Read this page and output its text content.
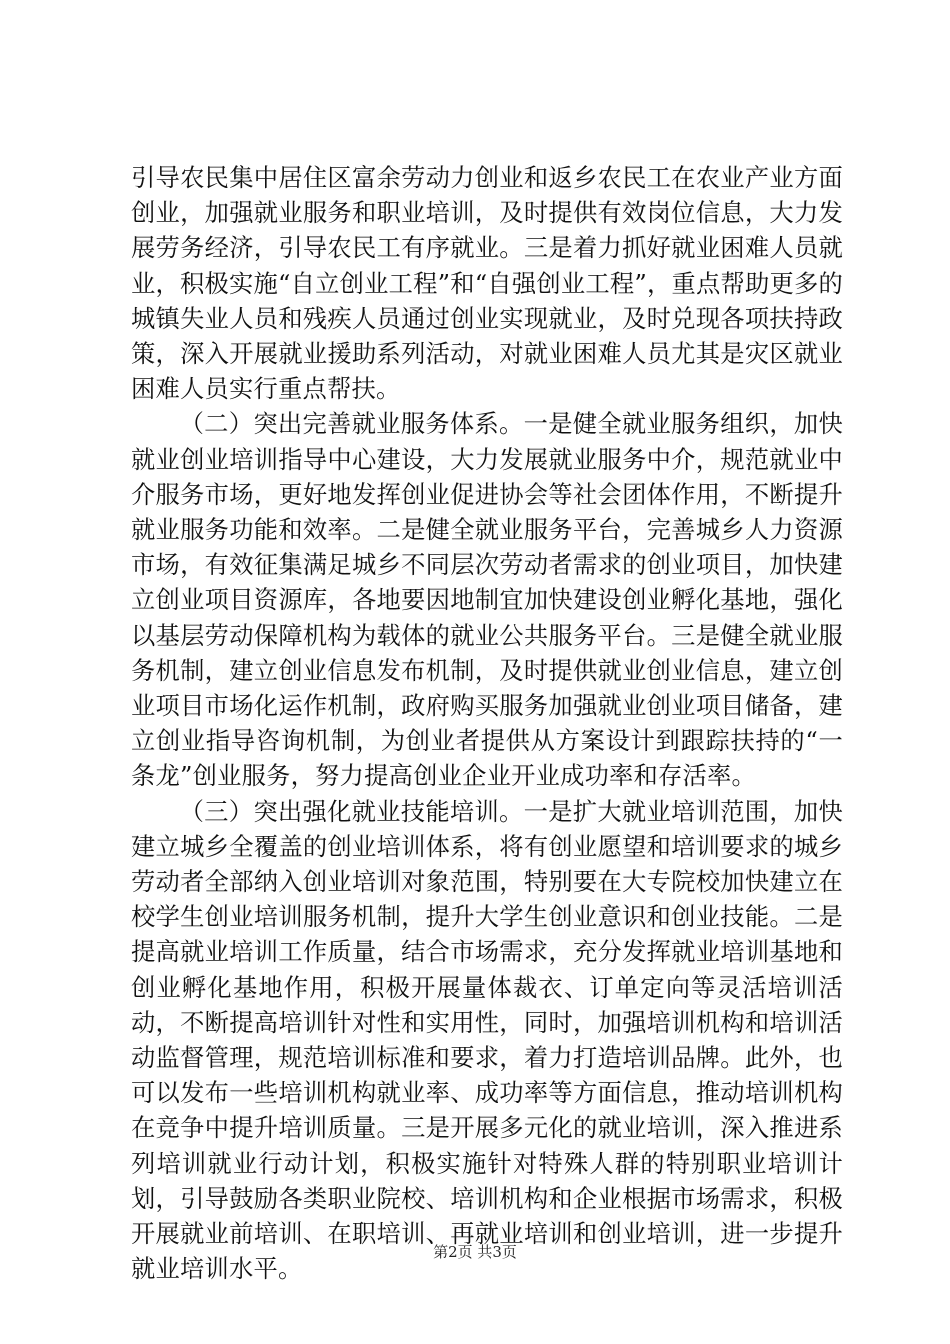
引导农民集中居住区富余劳动力创业和返乡农民工在农业产业方面创业，加强就业服务和职业培训，及时提供有效岗位信息，大力发展劳务经济，引导农民工有序就业。三是着力抓好就业困难人员就业，积极实施“自立创业工程”和“自强创业工程”，重点帮助更多的城镇失业人员和残疾人员通过创业实现就业，及时兑现各项扶持政策，深入开展就业援助系列活动，对就业困难人员尤其是灾区就业困难人员实行重点帮扶。

（二）突出完善就业服务体系。一是健全就业服务组织，加快就业创业培训指导中心建设，大力发展就业服务中介，规范就业中介服务市场，更好地发挥创业促进协会等社会团体作用，不断提升就业服务功能和效率。二是健全就业服务平台，完善城乡人力资源市场，有效征集满足城乡不同层次劳动者需求的创业项目，加快建立创业项目资源库，各地要因地制宜加快建设创业孵化基地，强化以基层劳动保障机构为载体的就业公共服务平台。三是健全就业服务机制，建立创业信息发布机制，及时提供就业创业信息，建立创业项目市场化运作机制，政府购买服务加强就业创业项目储备，建立创业指导咨询机制，为创业者提供从方案设计到跟踪扶持的“一条龙”创业服务，努力提高创业企业开业成功率和存活率。

（三）突出强化就业技能培训。一是扩大就业培训范围，加快建立城乡全覆盖的创业培训体系，将有创业愿望和培训要求的城乡劳动者全部纳入创业培训对象范围，特别要在大专院校加快建立在校学生创业培训服务机制，提升大学生创业意识和创业技能。二是提高就业培训工作质量，结合市场需求，充分发挥就业培训基地和创业孵化基地作用，积极开展量体裁衣、订单定向等灵活培训活动，不断提高培训针对性和实用性，同时，加强培训机构和培训活动监督管理，规范培训标准和要求，着力打造培训品牌。此外，也可以发布一些培训机构就业率、成功率等方面信息，推动培训机构在竞争中提升培训质量。三是开展多元化的就业培训，深入推进系列培训就业行动计划，积极实施针对特殊人群的特别职业培训计划，引导鼓励各类职业院校、培训机构和企业根据市场需求，积极开展就业前培训、在职培训、再就业培训和创业培训，进一步提升就业培训水平。

第2页 共3页
